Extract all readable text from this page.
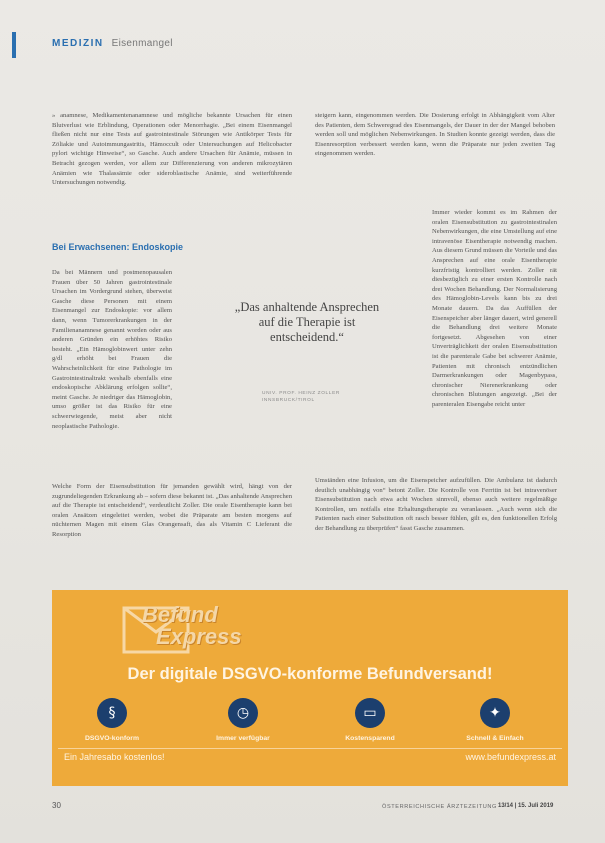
MEDIZIN Eisenmangel
» anamnese, Medikamentenanamnese und mögliche bekannte Ursachen für einen Blutverlust wie Erblindung, Operationen oder Menorrhagie. „Bei einem Eisenmangel fließen nicht nur eine Tests auf gastrointestinale Störungen wie Antikörper Tests für Zöliakie und Autoimmungastritis, Hämoccult oder Untersuchungen auf Helicobacter pylori wichtige Hinweise“, so Gasche. Auch andere Ursachen für Anämie, müssen in Betracht gezogen werden, vor allem zur Differenzierung von anderen mikrozytären Anämien wie Thalassämie oder sideroblastische Anämie, sind weiterführende Untersuchungen notwendig.
Bei Erwachsenen: Endoskopie
Da bei Männern und postmenopausalen Frauen über 50 Jahren gastrointestinale Ursachen im Vordergrund stehen, überweist Gasche diese Personen mit einem Eisenmangel zur Endoskopie: vor allem dann, wenn Tumorerkrankungen in der Familienanamnese genannt worden oder aus anderen Gründen ein erhöhtes Risiko besteht. „Ein Hämoglobinwert unter zehn g/dl erhöht bei Frauen die Wahrscheinlichkeit für eine Pathologie im Gastrointestinaltrakt weshalb ebenfalls eine endoskopische Abklärung erfolgen sollte“, meint Gasche. Je niedriger das Hämoglobin, umso größer ist das Risiko für eine schwerwiegende, meist aber nicht neoplastische Pathologie.
„Das anhaltende Ansprechen auf die Therapie ist entscheidend.“
UNIV. PROF. HEINZ ZOLLER
INNSBRUCK/TIROL
Welche Form der Eisensubstitution für jemanden gewählt wird, hängt von der zugrundeliegenden Erkrankung ab – sofern diese bekannt ist. „Das anhaltende Ansprechen auf die Therapie ist entscheidend“, verdeutlicht Zoller. Die orale Eisentherapie kann bei oralen Ansätzen eingeleitet werden, wobei die Präparate am besten morgens auf nüchternen Magen mit einem Glas Orangensaft, das als Vitamin C Lieferant die Resorption
steigern kann, eingenommen werden. Die Dosierung erfolgt in Abhängigkeit vom Alter des Patienten, dem Schweregrad des Eisenmangels, der Dauer in der der Mangel behoben werden soll und möglichen Nebenwirkungen. In Studien konnte gezeigt werden, dass die Eisenresorption verbessert werden kann, wenn die Präparate nur jeden zweiten Tag eingenommen werden.
Immer wieder kommt es im Rahmen der oralen Eisensubstitution zu gastrointestinalen Nebenwirkungen, die eine Umstellung auf eine intravenöse Eisentherapie notwendig machen. Aus diesem Grund müssen die Vorteile und das Ansprechen auf eine orale Eisentherapie kurzfristig kontrolliert werden. Zoller rät diesbezüglich zu einer ersten Kontrolle nach drei Wochen Behandlung. Der Normalisierung des Hämoglobin-Levels kann bis zu drei Monate dauern. Da das Auffüllen der Eisenspeicher aber länger dauert, wird generell die Behandlung drei weitere Monate fortgesetzt. Abgesehen von einer Unverträglichkeit der oralen Eisensubstitution ist die parenterale Gabe bei schwerer Anämie, Patienten mit chronisch entzündlichen Darmerkrankungen oder Magenbypass, chronischer Nierenerkrankung oder chronischen Blutungen angezeigt. „Bei der parenteralen Eisengabe reicht unter
Umständen eine Infusion, um die Eisenspeicher aufzufüllen. Die Ambulanz ist dadurch deutlich unabhängig von“ betont Zoller. Die Kontrolle von Ferritin ist bei intravenöser Eisensubstitution nach etwa acht Wochen sinnvoll, ebenso auch weitere regelmäßige Kontrollen, um notfalls eine Erhaltungstherapie zu veranlassen. „Auch wenn sich die Patienten nach einer Substitution oft rasch besser fühlen, gilt es, den funktionellen Erfolg der Behandlung zu überprüfen“ fasst Gasche zusammen.
Befund
Express
Der digitale DSGVO-konforme Befundversand!
§
DSGVO-konform
◷
Immer verfügbar
▭
Kostensparend
✦
Schnell & Einfach
Ein Jahresabo kostenlos!	www.befundexpress.at
30	ÖSTERREICHISCHE ÄRZTEZEITUNG 13/14 | 15. Juli 2019
